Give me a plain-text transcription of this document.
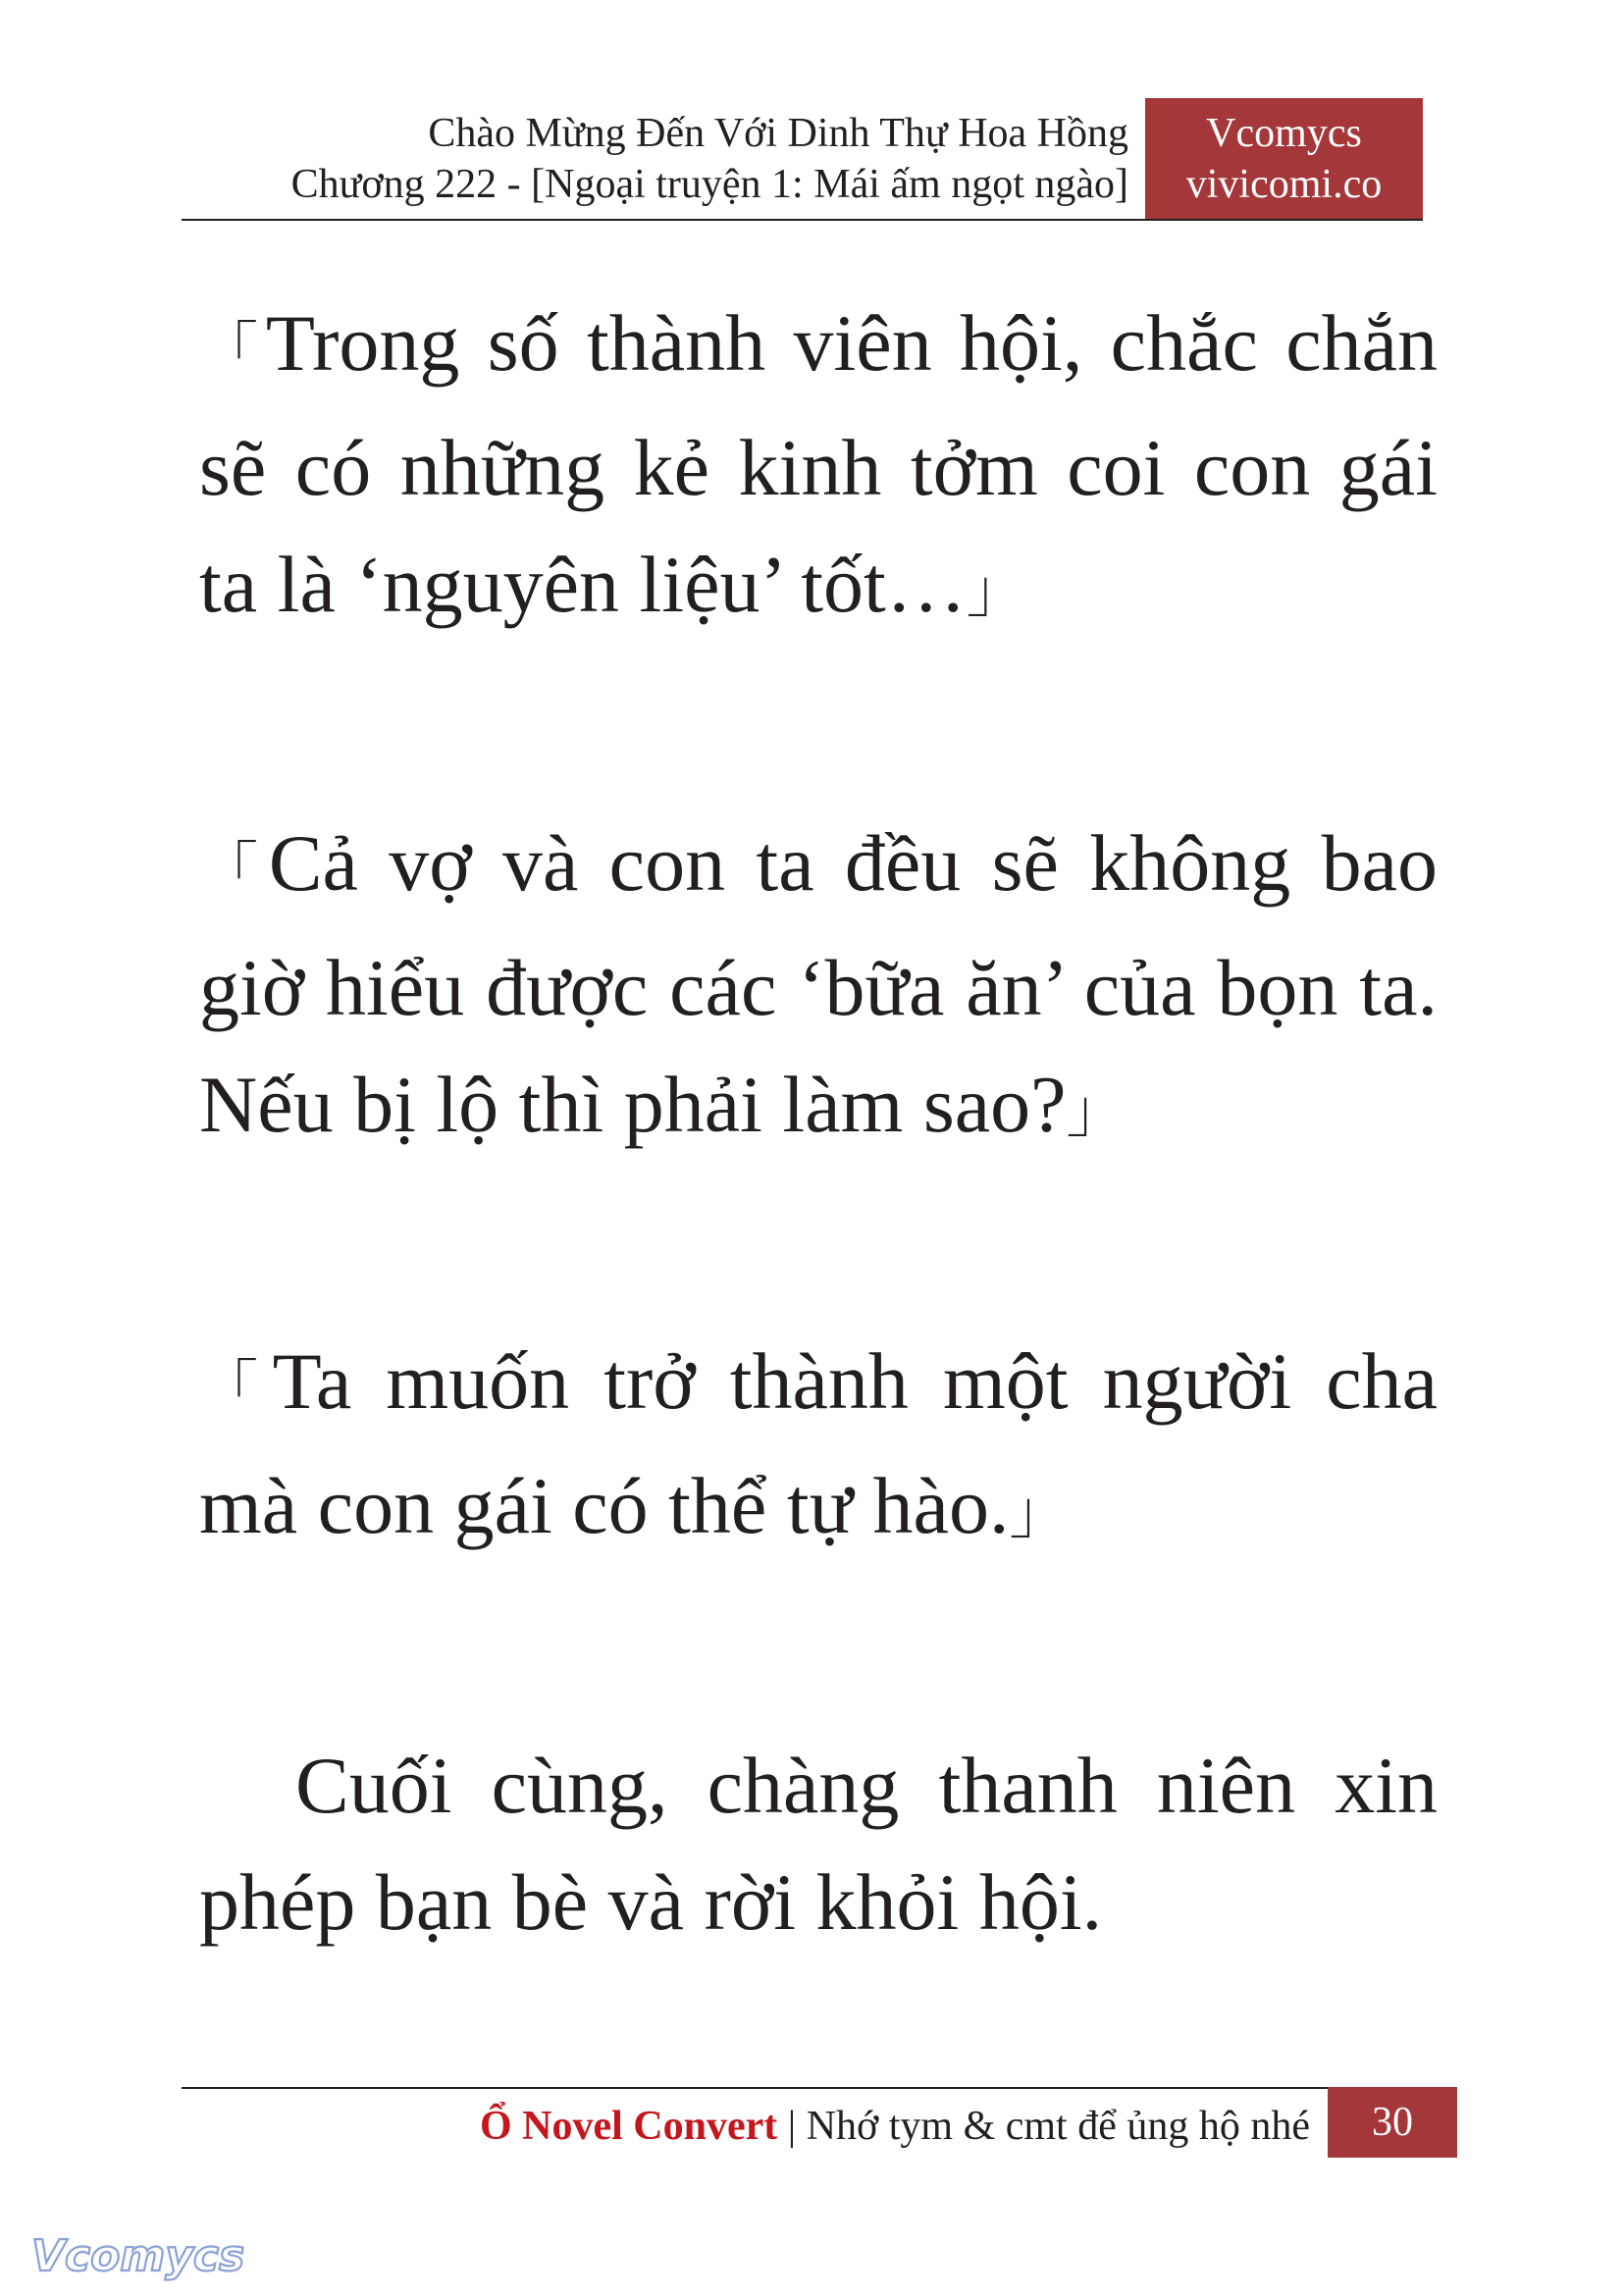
Chào Mừng Đến Với Dinh Thự Hoa Hồng
Chương 222 - [Ngoại truyện 1: Mái ấm ngọt ngào]
Vcomycs
vivicomi.co

「Trong số thành viên hội, chắc chắn sẽ có những kẻ kinh tởm coi con gái ta là ‘nguyên liệu’ tốt…」

「Cả vợ và con ta đều sẽ không bao giờ hiểu được các ‘bữa ăn’ của bọn ta. Nếu bị lộ thì phải làm sao?」

「Ta muốn trở thành một người cha mà con gái có thể tự hào.」

Cuối cùng, chàng thanh niên xin phép bạn bè và rời khỏi hội.

Ổ Novel Convert | Nhớ tym & cmt để ủng hộ nhé	30
Vcomycs
